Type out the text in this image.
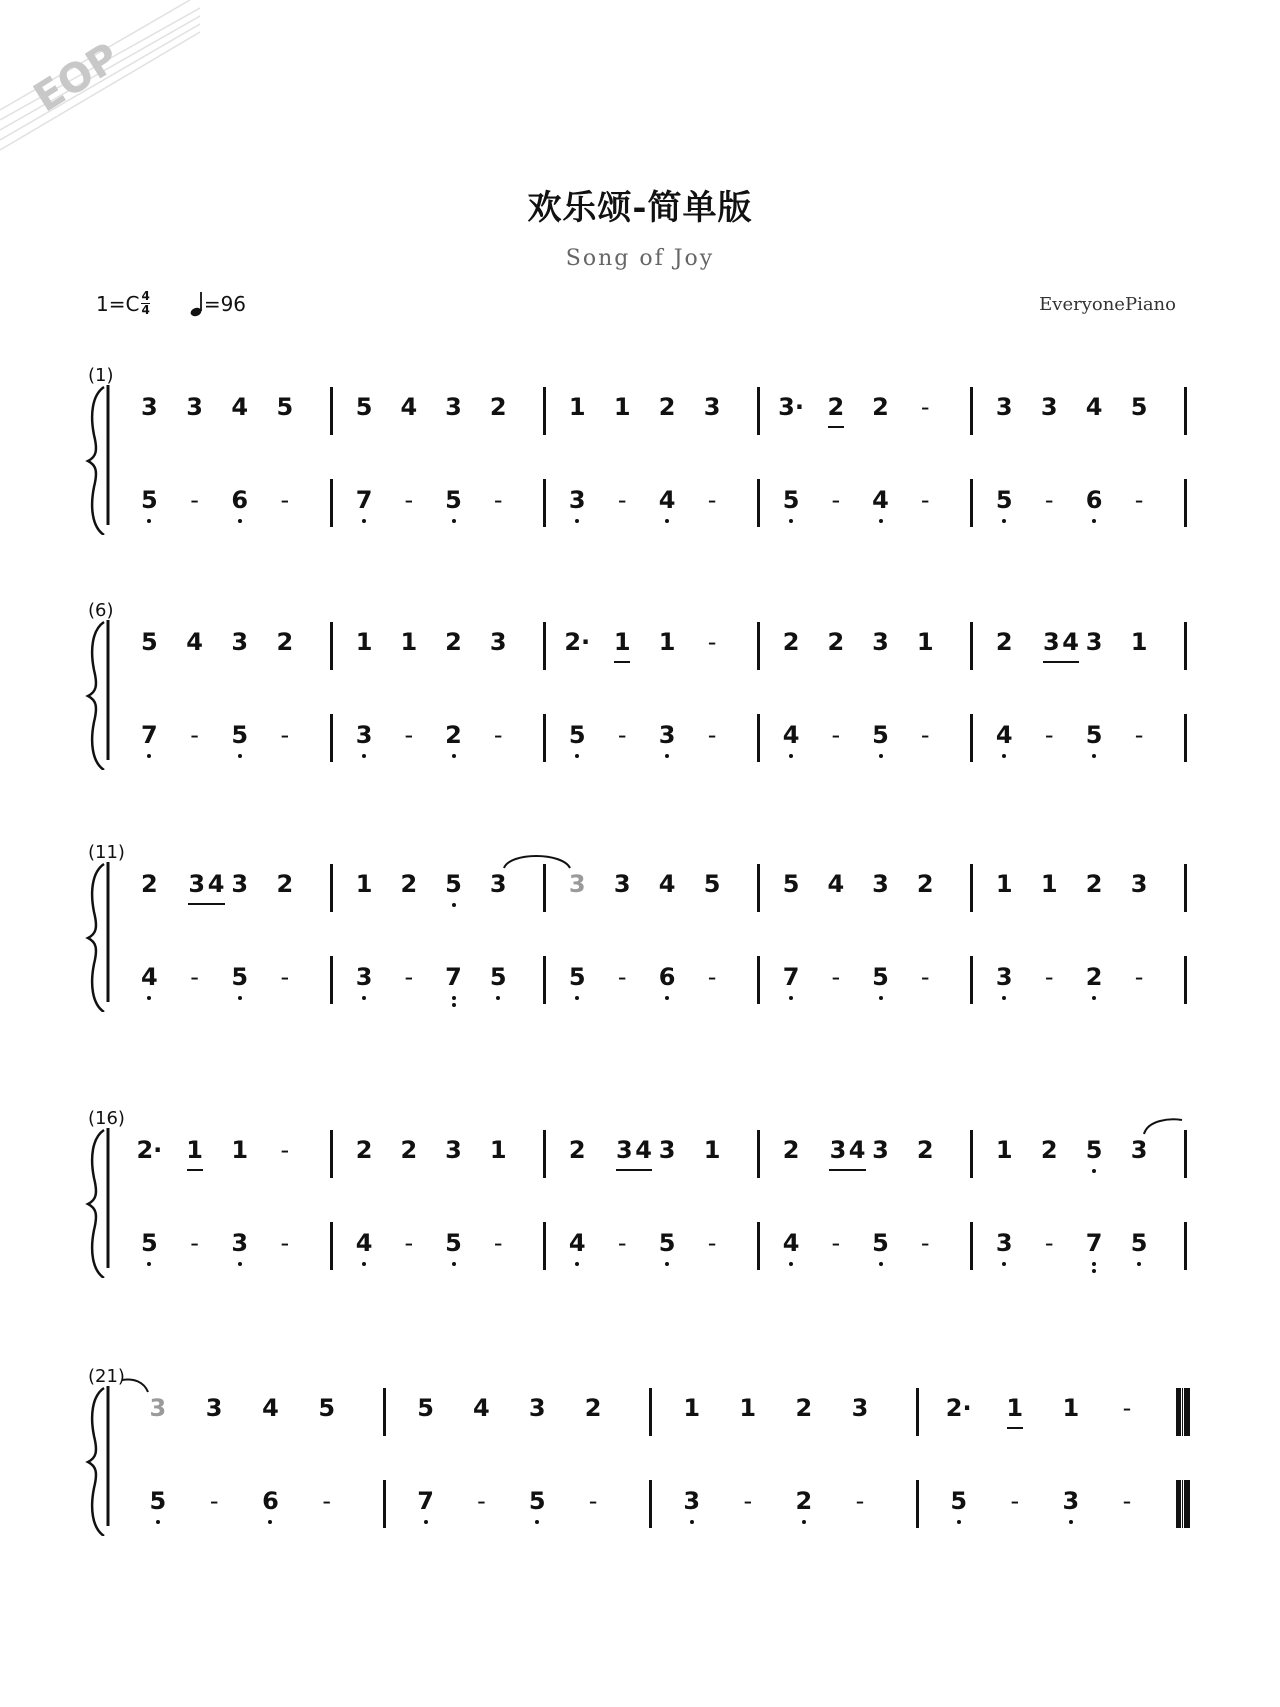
EOP
欢乐颂-简单版
Song of Joy
$1=C \frac{4}{4}$	=96	EveryonePiano
(1)
3	3	4	5
5	-	6	-
5	4	3	2
7	-	5	-
1	1	2	3
3	-	4	-
3· 2	2	-
5	-	4	-
3	3	4	5
5	-	6	-
(6)
5	4	3	2
7	-	5	-
1	1	2	3
3	-	2	-
2· 1	1	-
5	-	3	-
2	2	3	1
4	-	5	-
2	3 4 3	1
4	-	5	-
(11)
2	3 4 3	2
4	-	5	-
1	2	5	3
3	-	7	5
3	3	4	5
5	-	6	-
5	4	3	2
7	-	5	-
1	1	2	3
3	-	2	-
(16)
2· 1	1	-
5	-	3	-
2	2	3	1
4	-	5	-
2	3 4 3	1
4	-	5	-
2	3 4 3	2
4	-	5	-
1	2	5	3
3	-	7	5
(21)
3	3	4	5
5	-	6	-
5	4	3	2
7	-	5	-
1	1	2	3
3	-	2	-
2·	1	1	-
5	-	3	-
